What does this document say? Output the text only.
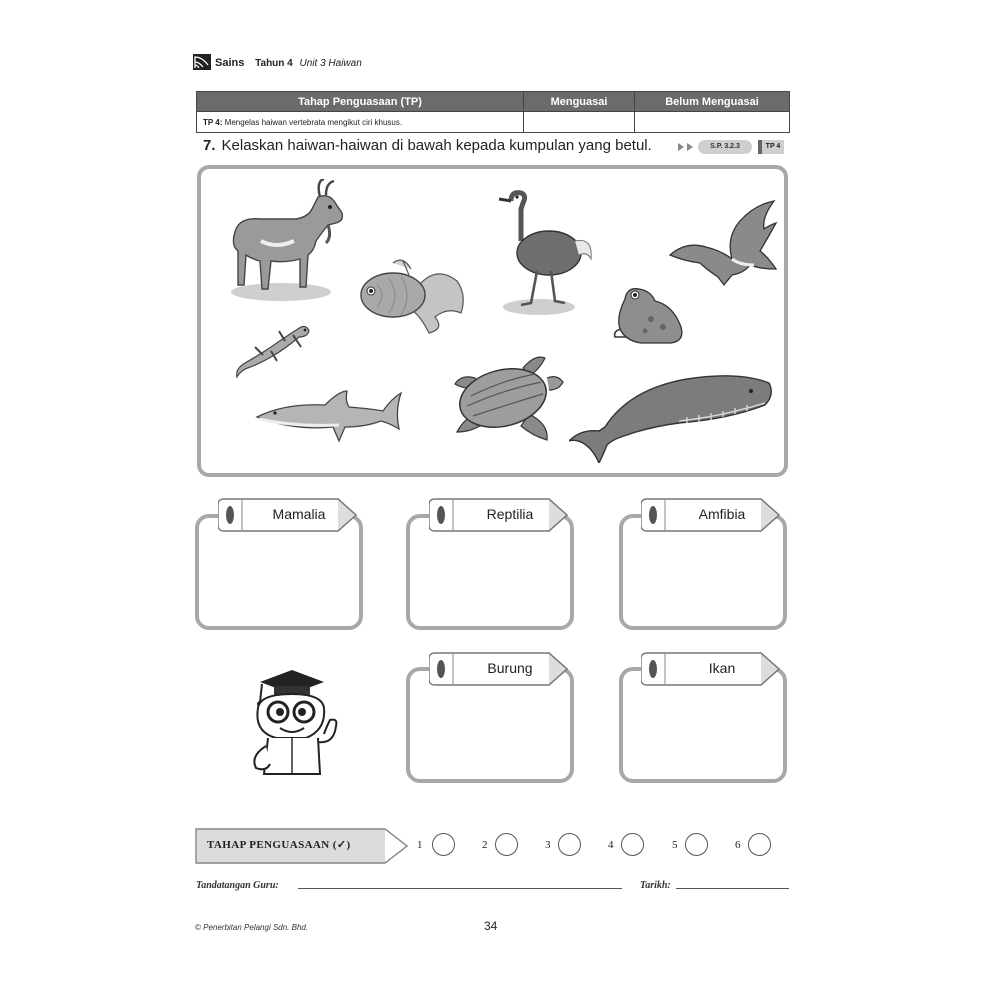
Sains Tahun 4 Unit 3 Haiwan
Tahap Penguasaan (TP)	Menguasai	Belum Menguasai
TP 4: Mengelas haiwan vertebrata mengikut ciri khusus.		
7. Kelaskan haiwan-haiwan di bawah kepada kumpulan yang betul.	S.P. 3.2.3	TP 4
Mamalia	Reptilia	Amfibia
Burung	Ikan
TAHAP PENGUASAAN (✓)	1	2	3	4	5	6
Tandatangan Guru:	Tarikh:
© Penerbitan Pelangi Sdn. Bhd.	34
